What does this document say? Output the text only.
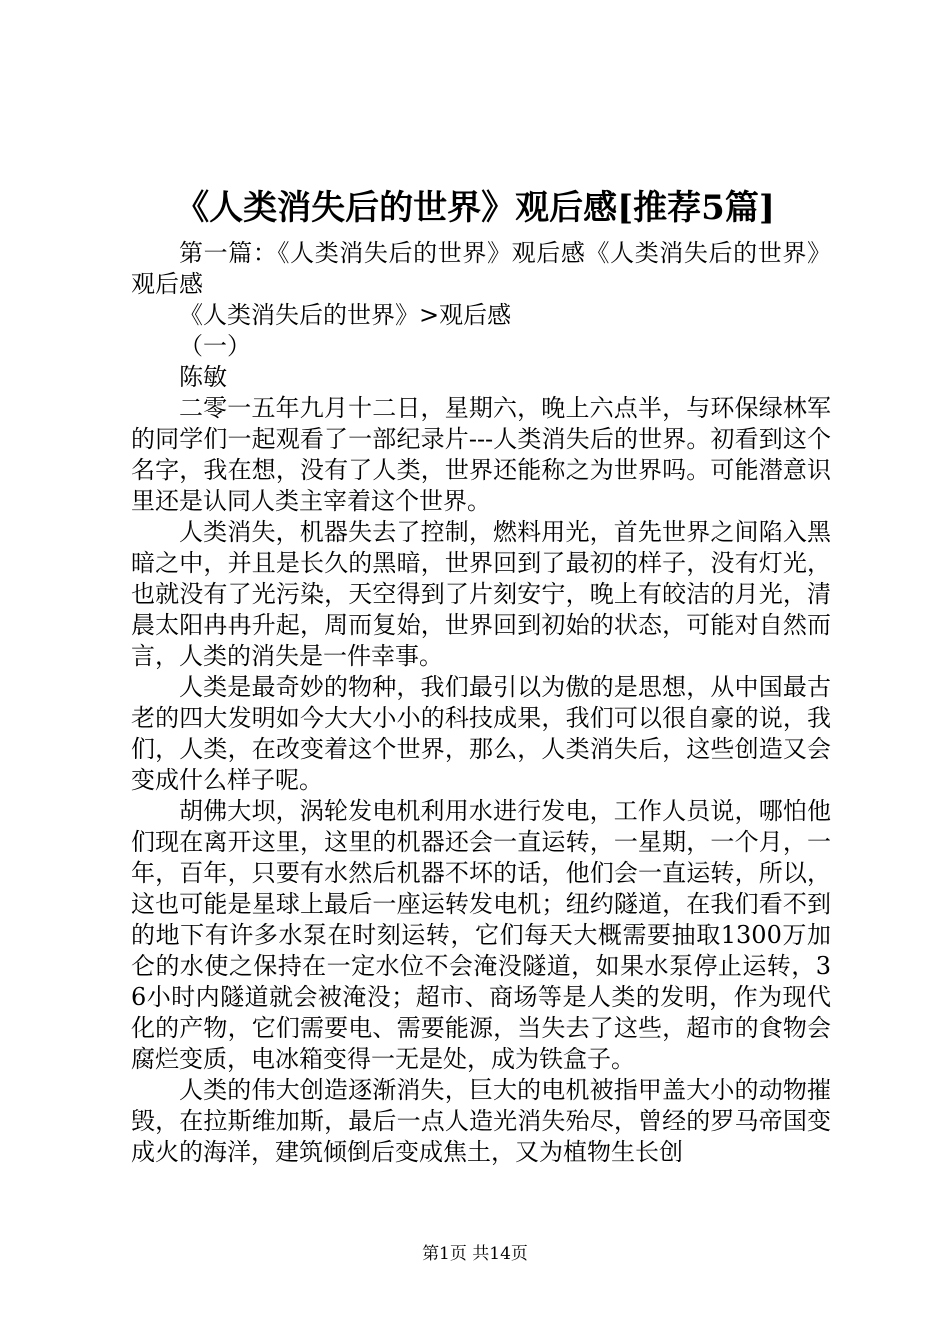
《人类消失后的世界》观后感[推荐5篇]

第一篇：《人类消失后的世界》观后感《人类消失后的世界》观后感

《人类消失后的世界》>观后感

（一）

陈敏

二零一五年九月十二日，星期六，晚上六点半，与环保绿林军的同学们一起观看了一部纪录片---人类消失后的世界。初看到这个名字，我在想，没有了人类，世界还能称之为世界吗。可能潜意识里还是认同人类主宰着这个世界。

人类消失，机器失去了控制，燃料用光，首先世界之间陷入黑暗之中，并且是长久的黑暗，世界回到了最初的样子，没有灯光，也就没有了光污染，天空得到了片刻安宁，晚上有皎洁的月光，清晨太阳冉冉升起，周而复始，世界回到初始的状态，可能对自然而言，人类的消失是一件幸事。

人类是最奇妙的物种，我们最引以为傲的是思想，从中国最古老的四大发明如今大大小小的科技成果，我们可以很自豪的说，我们，人类，在改变着这个世界，那么，人类消失后，这些创造又会变成什么样子呢。

胡佛大坝，涡轮发电机利用水进行发电，工作人员说，哪怕他们现在离开这里，这里的机器还会一直运转，一星期，一个月，一年，百年，只要有水然后机器不坏的话，他们会一直运转，所以，这也可能是星球上最后一座运转发电机；纽约隧道，在我们看不到的地下有许多水泵在时刻运转，它们每天大概需要抽取1300万加仑的水使之保持在一定水位不会淹没隧道，如果水泵停止运转，36小时内隧道就会被淹没；超市、商场等是人类的发明，作为现代化的产物，它们需要电、需要能源，当失去了这些，超市的食物会腐烂变质，电冰箱变得一无是处，成为铁盒子。

人类的伟大创造逐渐消失，巨大的电机被指甲盖大小的动物摧毁，在拉斯维加斯，最后一点人造光消失殆尽，曾经的罗马帝国变成火的海洋，建筑倾倒后变成焦土，又为植物生长创

第1页 共14页
